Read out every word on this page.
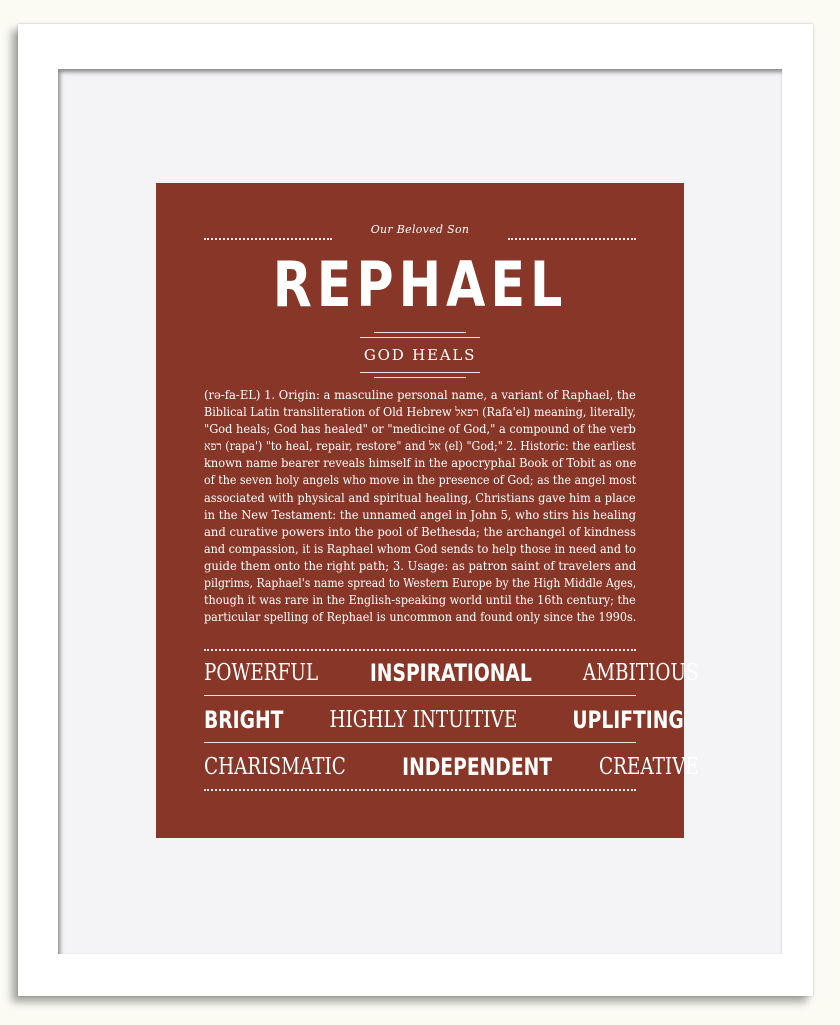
Our Beloved Son
REPHAEL
GOD HEALS
(rə-fa-EL) 1. Origin: a masculine personal name, a variant of Raphael, the
Biblical Latin transliteration of Old Hebrew רפאל (Rafa'el) meaning, literally,
"God heals; God has healed" or "medicine of God," a compound of the verb
רפא (rapa') "to heal, repair, restore" and אל (el) "God;" 2. Historic: the earliest
known name bearer reveals himself in the apocryphal Book of Tobit as one
of the seven holy angels who move in the presence of God; as the angel most
associated with physical and spiritual healing, Christians gave him a place
in the New Testament: the unnamed angel in John 5, who stirs his healing
and curative powers into the pool of Bethesda; the archangel of kindness
and compassion, it is Raphael whom God sends to help those in need and to
guide them onto the right path; 3. Usage: as patron saint of travelers and
pilgrims, Raphael's name spread to Western Europe by the High Middle Ages,
though it was rare in the English-speaking world until the 16th century; the
particular spelling of Rephael is uncommon and found only since the 1990s.
POWERFUL INSPIRATIONAL AMBITIOUS
BRIGHT HIGHLY INTUITIVE UPLIFTING
CHARISMATIC INDEPENDENT CREATIVE
